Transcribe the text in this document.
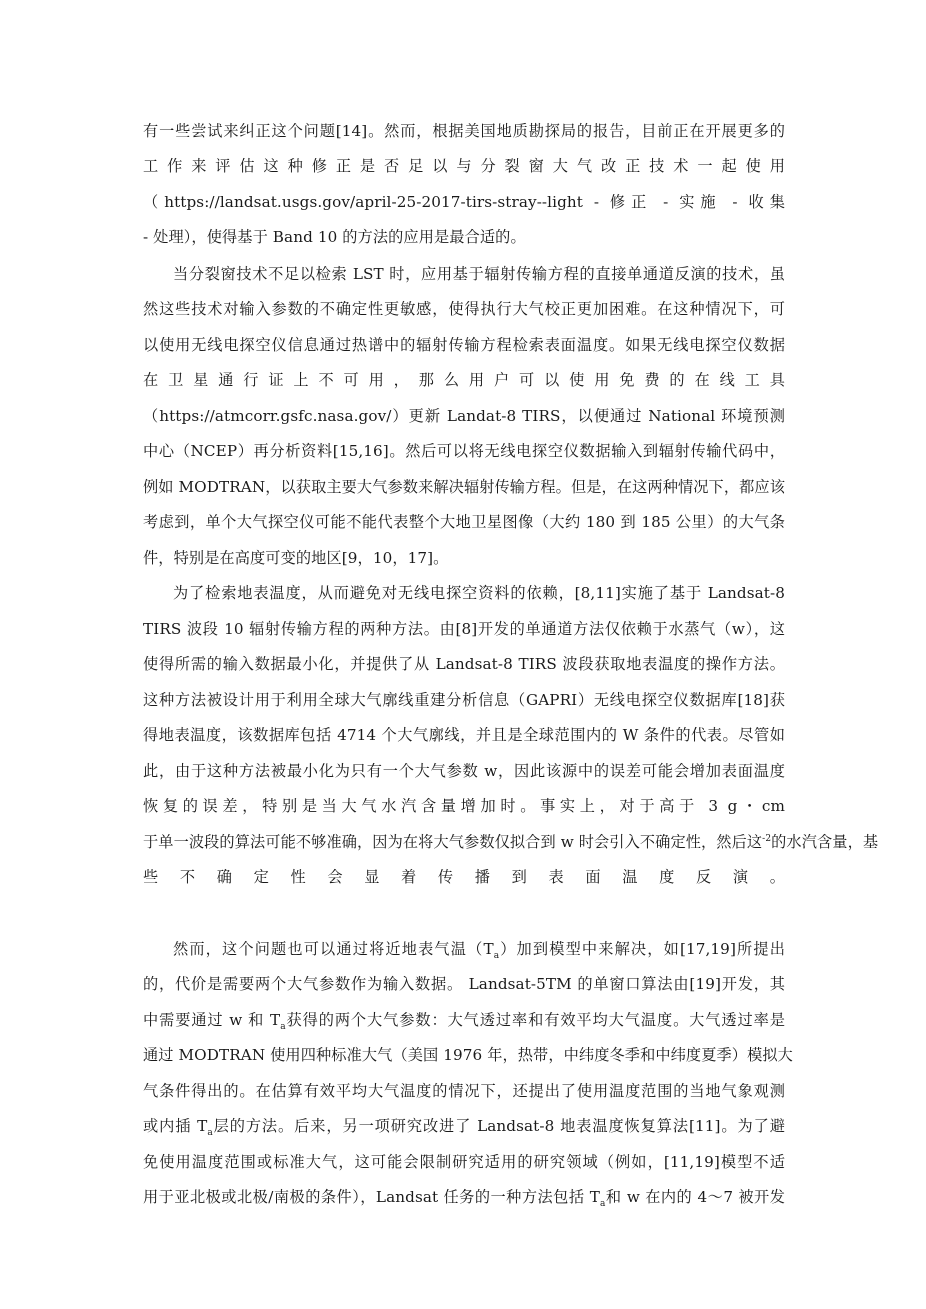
有一些尝试来纠正这个问题[14]。然而，根据美国地质勘探局的报告，目前正在开展更多的
工 作 来 评 估 这 种 修 正 是 否 足 以 与 分 裂 窗 大 气 改 正 技 术 一 起 使 用
（https://landsat.usgs.gov/april-25-2017-tirs-stray--light - 修正 - 实施 - 收集
- 处理），使得基于 Band 10 的方法的应用是最合适的。
当分裂窗技术不足以检索 LST 时，应用基于辐射传输方程的直接单通道反演的技术，虽
然这些技术对输入参数的不确定性更敏感，使得执行大气校正更加困难。在这种情况下，可
以使用无线电探空仪信息通过热谱中的辐射传输方程检索表面温度。如果无线电探空仪数据
在 卫 星 通 行 证 上 不 可 用 ， 那 么 用 户 可 以 使 用 免 费 的 在 线 工 具
（https://atmcorr.gsfc.nasa.gov/）更新 Landat-8 TIRS，以便通过 National 环境预测
中心（NCEP）再分析资料[15,16]。然后可以将无线电探空仪数据输入到辐射传输代码中，
例如 MODTRAN，以获取主要大气参数来解决辐射传输方程。但是，在这两种情况下，都应该
考虑到，单个大气探空仪可能不能代表整个大地卫星图像（大约 180 到 185 公里）的大气条
件，特别是在高度可变的地区[9，10，17]。
为了检索地表温度，从而避免对无线电探空资料的依赖，[8,11]实施了基于 Landsat-8
TIRS 波段 10 辐射传输方程的两种方法。由[8]开发的单通道方法仅依赖于水蒸气（w），这
使得所需的输入数据最小化，并提供了从 Landsat-8 TIRS 波段获取地表温度的操作方法。
这种方法被设计用于利用全球大气廓线重建分析信息（GAPRI）无线电探空仪数据库[18]获
得地表温度，该数据库包括 4714 个大气廓线，并且是全球范围内的 W 条件的代表。尽管如
此，由于这种方法被最小化为只有一个大气参数 w，因此该源中的误差可能会增加表面温度
恢复的误差，特别是当大气水汽含量增加时。事实上，对于高于 3 g・cm
于单一波段的算法可能不够准确，因为在将大气参数仅拟合到 w 时会引入不确定性，然后这$^{-2}$的水汽含量，基
些不确定性会显着传播到表面温度反演。
然而，这个问题也可以通过将近地表气温$(T_a)$加到模型中来解决，如[17,19]所提出
的，代价是需要两个大气参数作为输入数据。 Landsat-5TM 的单窗口算法由[19]开发，其
中需要通过 w 和 $T_a$获得的两个大气参数：大气透过率和有效平均大气温度。大气透过率是
通过 MODTRAN 使用四种标准大气（美国 1976 年，热带，中纬度冬季和中纬度夏季）模拟大
气条件得出的。在估算有效平均大气温度的情况下，还提出了使用温度范围的当地气象观测
或内插 $T_a$层的方法。后来，另一项研究改进了 Landsat-8 地表温度恢复算法[11]。为了避
免使用温度范围或标准大气，这可能会限制研究适用的研究领域（例如，[11,19]模型不适
用于亚北极或北极/南极的条件），Landsat 任务的一种方法包括 $T_a$和 w 在内的 4～7 被开发
